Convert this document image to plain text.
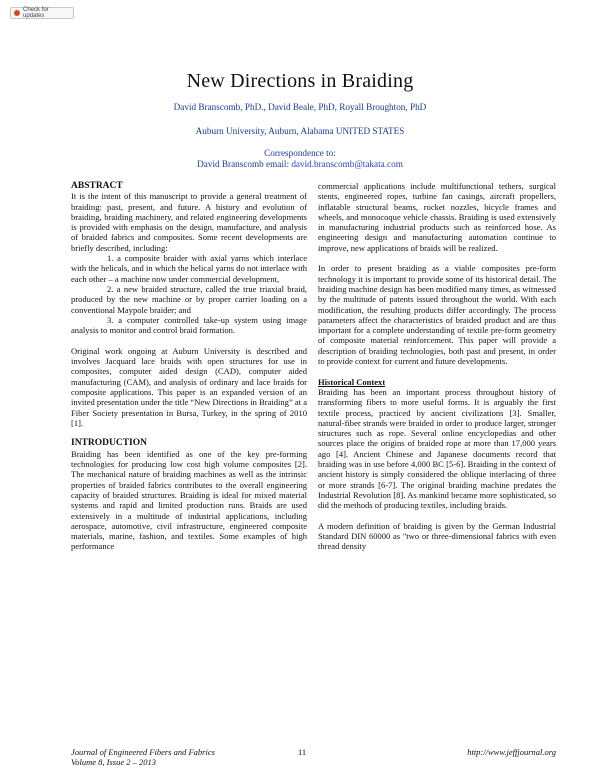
Check for updates
New Directions in Braiding
David Branscomb, PhD., David Beale, PhD, Royall Broughton, PhD
Auburn University, Auburn, Alabama UNITED STATES
Correspondence to:
David Branscomb email: david.branscomb@takata.com

ABSTRACT

It is the intent of this manuscript to provide a general treatment of braiding: past, present, and future. A history and evolution of braiding, braiding machinery, and related engineering developments is provided with emphasis on the design, manufacture, and analysis of braided fabrics and composites. Some recent developments are briefly described, including:

1. a composite braider with axial yarns which interlace with the helicals, and in which the helical yarns do not interlace with each other – a machine now under commercial development,

2. a new braided structure, called the true triaxial braid, produced by the new machine or by proper carrier loading on a conventional Maypole braider; and

3. a computer controlled take-up system using image analysis to monitor and control braid formation.

Original work ongoing at Auburn University is described and involves Jacquard lace braids with open structures for use in composites, computer aided design (CAD), computer aided manufacturing (CAM), and analysis of ordinary and lace braids for composite applications. This paper is an expanded version of an invited presentation under the title “New Directions in Braiding” at a Fiber Society presentation in Bursa, Turkey, in the spring of 2010 [1].

INTRODUCTION

Braiding has been identified as one of the key pre-forming technologies for producing low cost high volume composites [2]. The mechanical nature of braiding machines as well as the intrinsic properties of braided fabrics contributes to the overall engineering capacity of braided structures. Braiding is ideal for mixed material systems and rapid and limited production runs. Braids are used extensively in a multitude of industrial applications, including aerospace, automotive, civil infrastructure, engineered composite materials, marine, fashion, and textiles. Some examples of high performance

commercial applications include multifunctional tethers, surgical stents, engineered ropes, turbine fan casings, aircraft propellers, inflatable structural beams, rocket nozzles, bicycle frames and wheels, and monocoque vehicle chassis. Braiding is used extensively in manufacturing industrial products such as reinforced hose. As engineering design and manufacturing automation continue to improve, new applications of braids will be realized.

In order to present braiding as a viable composites pre-form technology it is important to provide some of its historical detail. The braiding machine design has been modified many times, as witnessed by the multitude of patents issued throughout the world. With each modification, the resulting products differ accordingly. The process parameters affect the characteristics of braided product and are thus important for a complete understanding of textile pre-form geometry of composite material reinforcement. This paper will provide a description of braiding technologies, both past and present, in order to provide context for current and future developments.

Historical Context

Braiding has been an important process throughout history of transforming fibers to more useful forms. It is arguably the first textile process, practiced by ancient civilizations [3]. Smaller, natural-fiber strands were braided in order to produce larger, stronger structures such as rope. Several online encyclopedias and other sources place the origins of braided rope at more than 17,000 years ago [4]. Ancient Chinese and Japanese documents record that braiding was in use before 4,000 BC [5-6]. Braiding in the context of ancient history is simply considered the oblique interlacing of three or more strands [6-7]. The original braiding machine predates the Industrial Revolution [8]. As mankind became more sophisticated, so did the methods of producing textiles, including braids.

A modern definition of braiding is given by the German Industrial Standard DIN 60000 as "two or three-dimensional fabrics with even thread density

Journal of Engineered Fibers and Fabrics
Volume 8, Issue 2 – 2013
11	http://www.jeffjournal.org
